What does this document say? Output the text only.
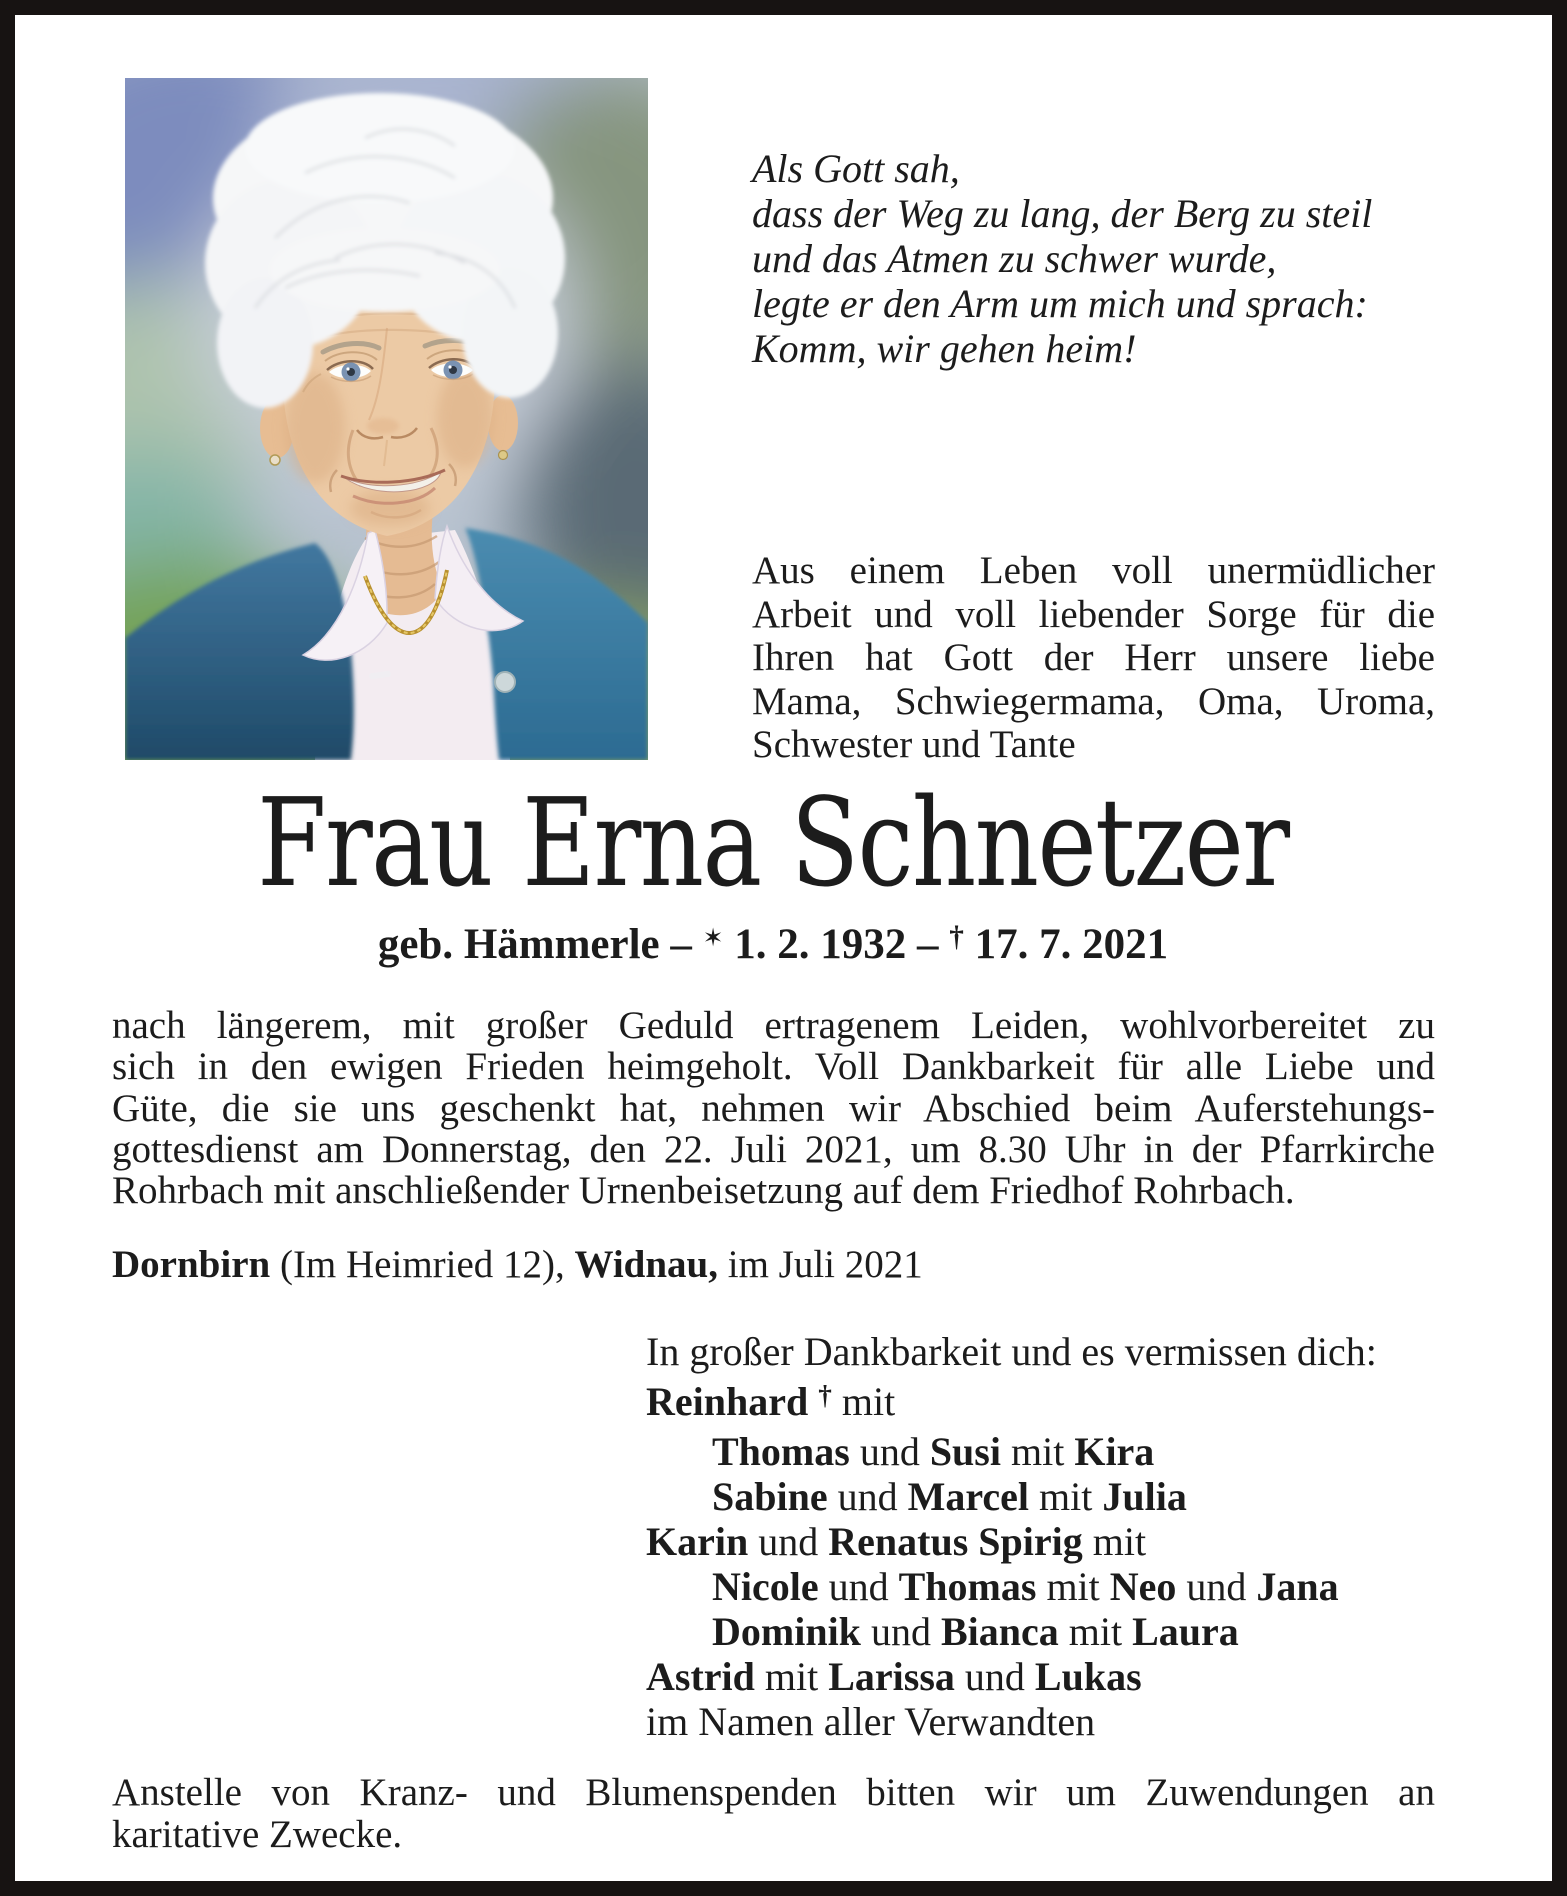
Als Gott sah,
dass der Weg zu lang, der Berg zu steil
und das Atmen zu schwer wurde,
legte er den Arm um mich und sprach:
Komm, wir gehen heim!
Aus einem Leben voll unermüdlicher
Arbeit und voll liebender Sorge für die
Ihren hat Gott der Herr unsere liebe
Mama, Schwiegermama, Oma, Uroma,
Schwester und Tante
Frau Erna Schnetzer
geb. Hämmerle – ✶ 1. 2. 1932 – † 17. 7. 2021
nach längerem, mit großer Geduld ertragenem Leiden, wohlvorbereitet zu
sich in den ewigen Frieden heimgeholt. Voll Dankbarkeit für alle Liebe und
Güte, die sie uns geschenkt hat, nehmen wir Abschied beim Auferstehungs-
gottesdienst am Donnerstag, den 22. Juli 2021, um 8.30 Uhr in der Pfarrkirche
Rohrbach mit anschließender Urnenbeisetzung auf dem Friedhof Rohrbach.
Dornbirn (Im Heimried 12), Widnau, im Juli 2021
In großer Dankbarkeit und es vermissen dich:
Reinhard † mit
Thomas und Susi mit Kira
Sabine und Marcel mit Julia
Karin und Renatus Spirig mit
Nicole und Thomas mit Neo und Jana
Dominik und Bianca mit Laura
Astrid mit Larissa und Lukas
im Namen aller Verwandten
Anstelle von Kranz- und Blumenspenden bitten wir um Zuwendungen an
karitative Zwecke.
